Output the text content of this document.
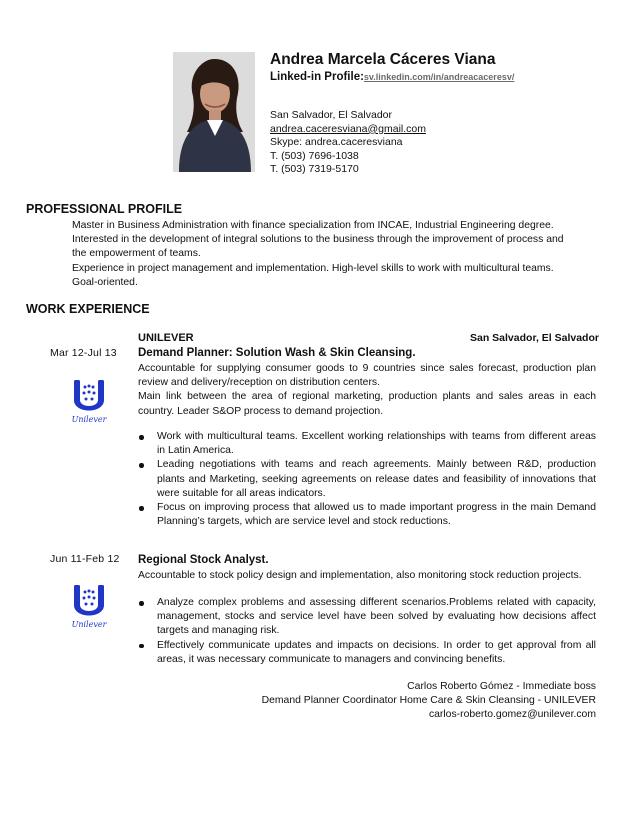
Andrea Marcela Cáceres Viana
Linked-in Profile:sv.linkedin.com/in/andreacaceresv/
San Salvador, El Salvador
andrea.caceresviana@gmail.com
Skype: andrea.caceresviana
T. (503) 7696-1038
T. (503) 7319-5170
PROFESSIONAL PROFILE

Master in Business Administration with finance specialization from INCAE, Industrial Engineering degree. Interested in the development of integral solutions to the business through the improvement of process and the empowerment of teams.

Experience in project management and implementation. High-level skills to work with multicultural teams. Goal-oriented.

WORK EXPERIENCE
UNILEVER	San Salvador, El Salvador
Mar 12-Jul 13 Demand Planner: Solution Wash & Skin Cleansing.
Unilever

Accountable for supplying consumer goods to 9 countries since sales forecast, production plan review and delivery/reception on distribution centers.

Main link between the area of regional marketing, production plants and sales areas in each country. Leader S&OP process to demand projection.

Work with multicultural teams. Excellent working relationships with teams from different areas in Latin America.
Leading negotiations with teams and reach agreements. Mainly between R&D, production plants and Marketing, seeking agreements on release dates and feasibility of innovations that were suitable for all areas indicators.
Focus on improving process that allowed us to made important progress in the main Demand Planning’s targets, which are service level and stock reductions.
Jun 11-Feb 12 Regional Stock Analyst.
Unilever

Accountable to stock policy design and implementation, also monitoring stock reduction projects.

Analyze complex problems and assessing different scenarios.Problems related with capacity, management, stocks and service level have been solved by evaluating how decisions affect targets and managing risk.
Effectively communicate updates and impacts on decisions. In order to get approval from all areas, it was necessary communicate to managers and convincing benefits.
Carlos Roberto Gómez - Immediate boss
Demand Planner Coordinator Home Care & Skin Cleansing - UNILEVER
carlos-roberto.gomez@unilever.com
